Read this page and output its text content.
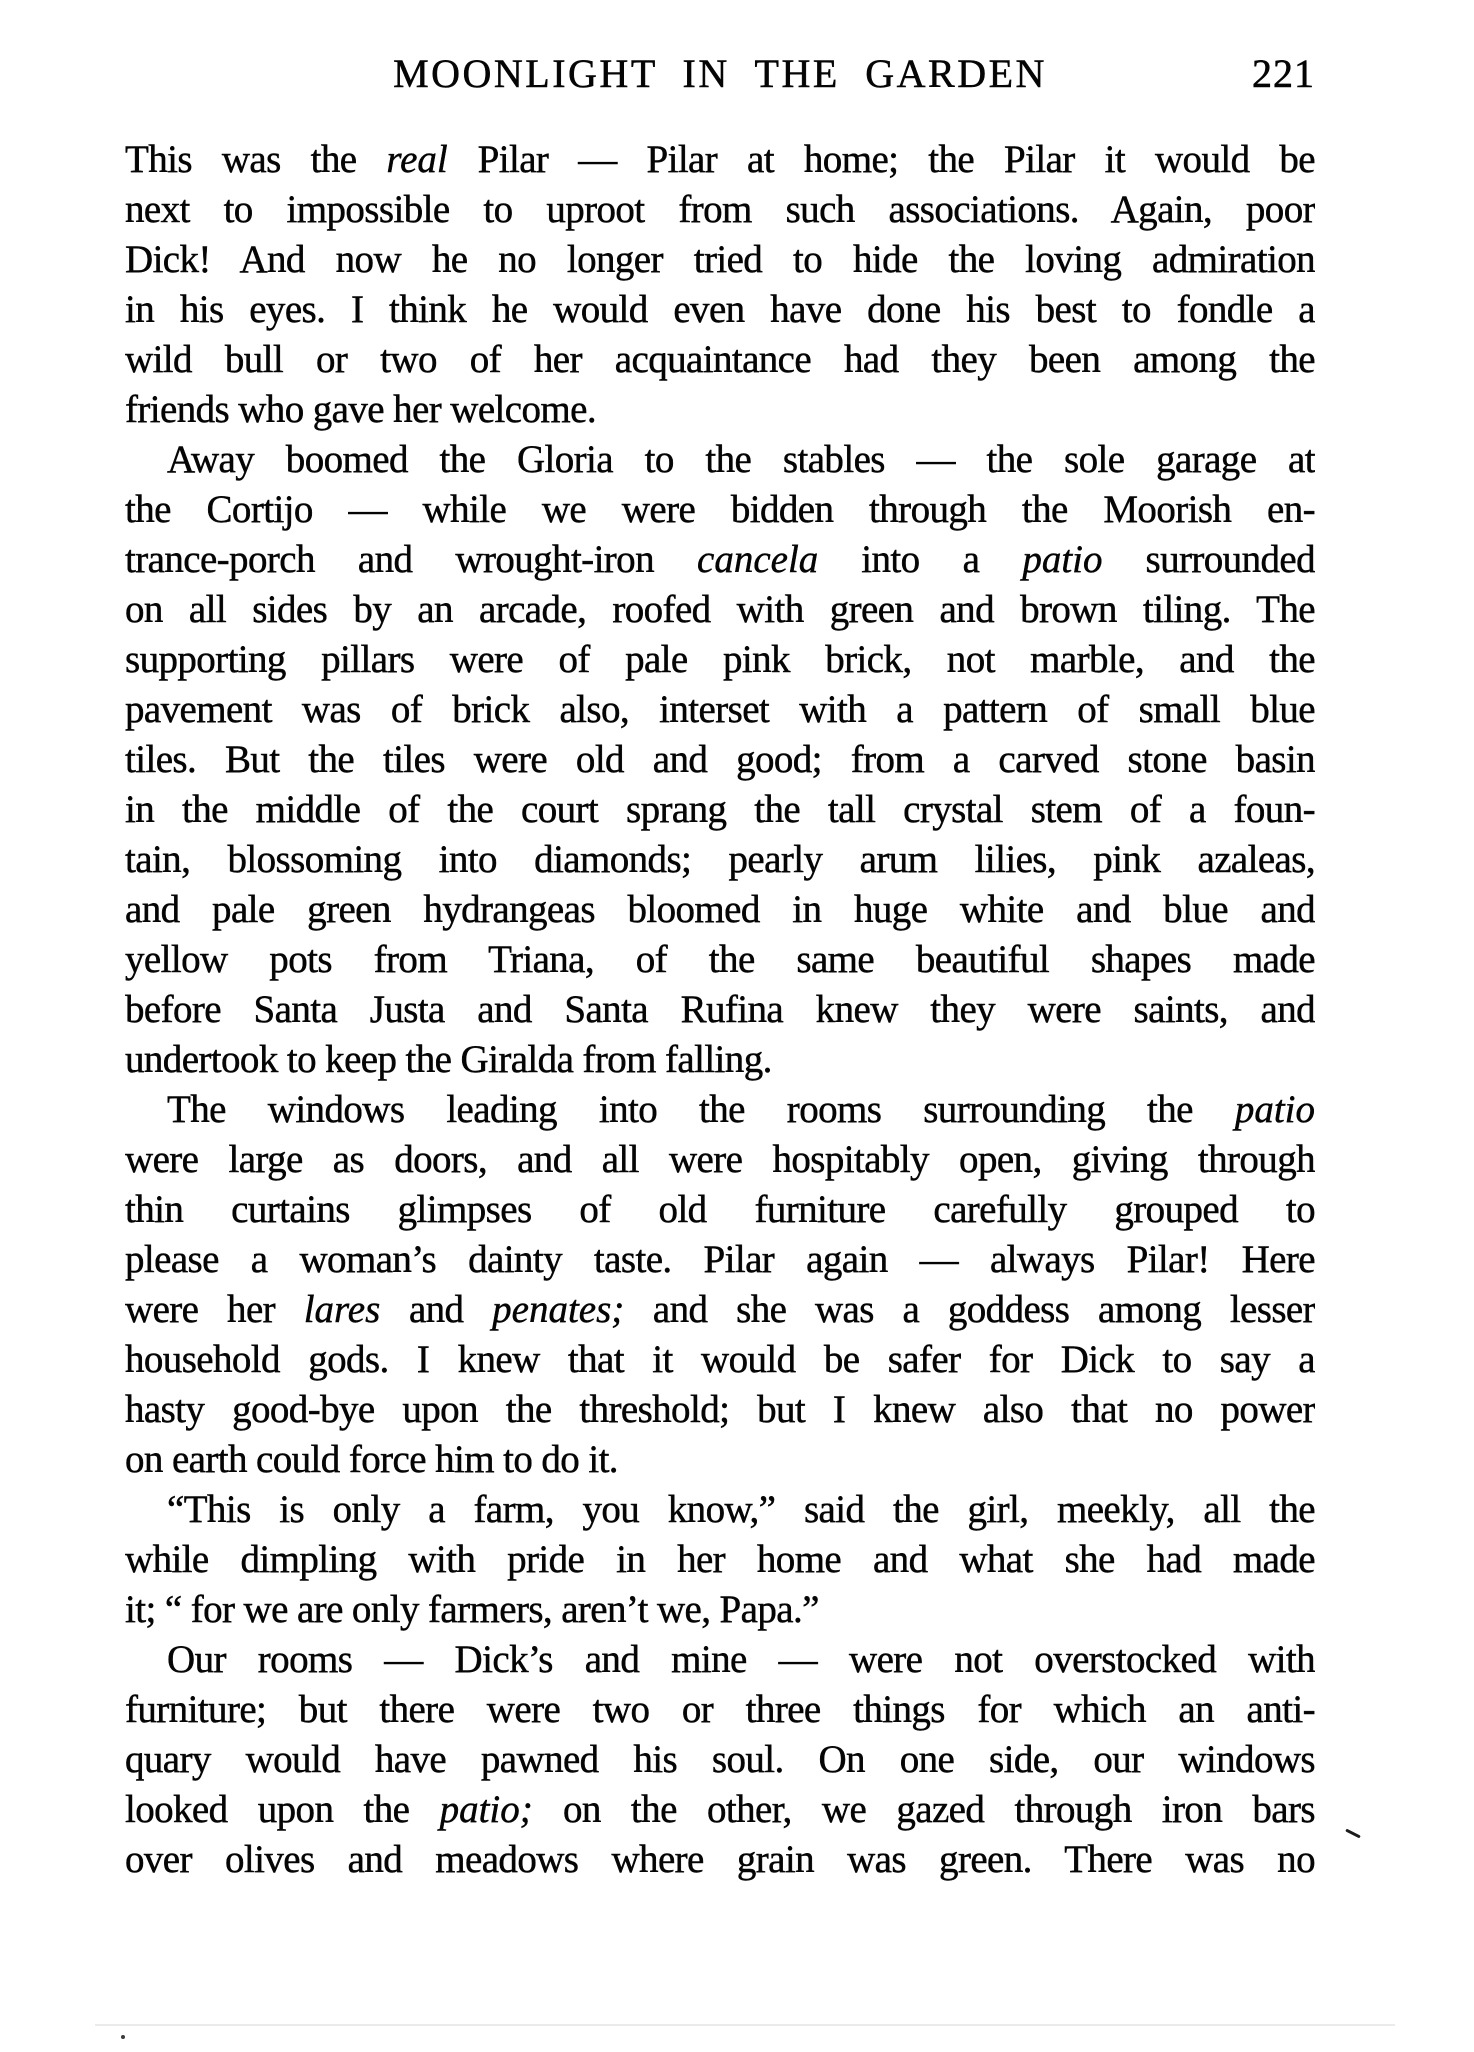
MOONLIGHT IN THE GARDEN	221
This was the real Pilar — Pilar at home; the Pilar it would be
next to impossible to uproot from such associations. Again, poor
Dick! And now he no longer tried to hide the loving admiration
in his eyes. I think he would even have done his best to fondle a
wild bull or two of her acquaintance had they been among the
friends who gave her welcome.
Away boomed the Gloria to the stables — the sole garage at
the Cortijo — while we were bidden through the Moorish en-
trance-porch and wrought-iron cancela into a patio surrounded
on all sides by an arcade, roofed with green and brown tiling. The
supporting pillars were of pale pink brick, not marble, and the
pavement was of brick also, interset with a pattern of small blue
tiles. But the tiles were old and good; from a carved stone basin
in the middle of the court sprang the tall crystal stem of a foun-
tain, blossoming into diamonds; pearly arum lilies, pink azaleas,
and pale green hydrangeas bloomed in huge white and blue and
yellow pots from Triana, of the same beautiful shapes made
before Santa Justa and Santa Rufina knew they were saints, and
undertook to keep the Giralda from falling.
The windows leading into the rooms surrounding the patio
were large as doors, and all were hospitably open, giving through
thin curtains glimpses of old furniture carefully grouped to
please a woman’s dainty taste. Pilar again — always Pilar! Here
were her lares and penates; and she was a goddess among lesser
household gods. I knew that it would be safer for Dick to say a
hasty good-bye upon the threshold; but I knew also that no power
on earth could force him to do it.
“This is only a farm, you know,” said the girl, meekly, all the
while dimpling with pride in her home and what she had made
it; “ for we are only farmers, aren’t we, Papa.”
Our rooms — Dick’s and mine — were not overstocked with
furniture; but there were two or three things for which an anti-
quary would have pawned his soul. On one side, our windows
looked upon the patio; on the other, we gazed through iron bars
over olives and meadows where grain was green. There was no
